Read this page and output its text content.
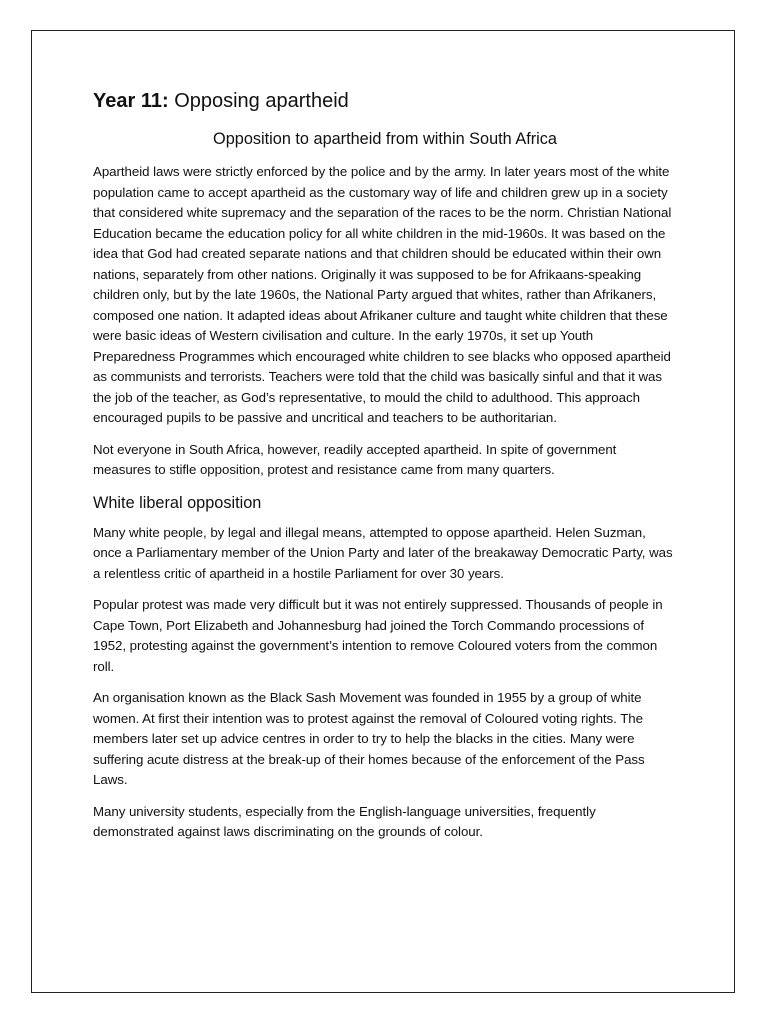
Year 11: Opposing apartheid
Opposition to apartheid from within South Africa

Apartheid laws were strictly enforced by the police and by the army. In later years most of the white population came to accept apartheid as the customary way of life and children grew up in a society that considered white supremacy and the separation of the races to be the norm. Christian National Education became the education policy for all white children in the mid-1960s. It was based on the idea that God had created separate nations and that children should be educated within their own nations, separately from other nations. Originally it was supposed to be for Afrikaans-speaking children only, but by the late 1960s, the National Party argued that whites, rather than Afrikaners, composed one nation. It adapted ideas about Afrikaner culture and taught white children that these were basic ideas of Western civilisation and culture. In the early 1970s, it set up Youth Preparedness Programmes which encouraged white children to see blacks who opposed apartheid as communists and terrorists. Teachers were told that the child was basically sinful and that it was the job of the teacher, as God’s representative, to mould the child to adulthood. This approach encouraged pupils to be passive and uncritical and teachers to be authoritarian.

Not everyone in South Africa, however, readily accepted apartheid. In spite of government measures to stifle opposition, protest and resistance came from many quarters.

White liberal opposition

Many white people, by legal and illegal means, attempted to oppose apartheid. Helen Suzman, once a Parliamentary member of the Union Party and later of the breakaway Democratic Party, was a relentless critic of apartheid in a hostile Parliament for over 30 years.

Popular protest was made very difficult but it was not entirely suppressed. Thousands of people in Cape Town, Port Elizabeth and Johannesburg had joined the Torch Commando processions of 1952, protesting against the government’s intention to remove Coloured voters from the common roll.

An organisation known as the Black Sash Movement was founded in 1955 by a group of white women. At first their intention was to protest against the removal of Coloured voting rights. The members later set up advice centres in order to try to help the blacks in the cities. Many were suffering acute distress at the break-up of their homes because of the enforcement of the Pass Laws.

Many university students, especially from the English-language universities, frequently demonstrated against laws discriminating on the grounds of colour.
